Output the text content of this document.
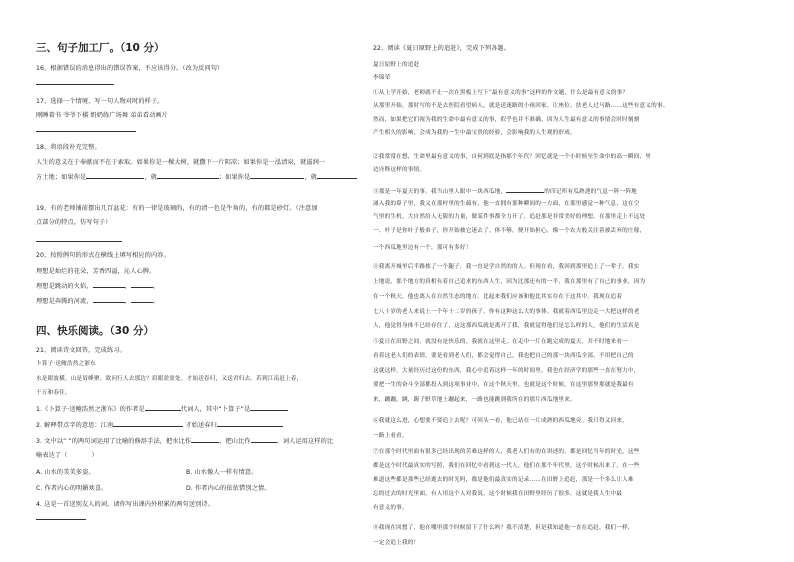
三、句子加工厂。（10 分）
16、根据错误的消息得出的错误答案，不应该得分。（改为反问句）
17、选择一个情境，写一句人物对时的样子。
刚睡着书 爷爷下棋 奶奶练广场舞 弟弟看动画片
18、将语段补充完整。
人生的意义在于奉献而不在于索取。如果你是一棵大树，就撒下一片阴凉；如果你是一泓清泉，就滋润一
方土地；如果你是	，就	；如果你是	，就
19、有的老师铺前摆出几百盆花：有的一律是玻璃的，有的清一色是牛角的，有的都是砂灯。（注意加
点部分的特点，仿写句子）
20、按照例句的形式在横线上填写相应的内容。
理想是灿烂的花朵，芳香四溢，沁人心脾。
理想是跳动的火焰，	，	。
理想是奔腾的河流，	，	。
四、快乐阅读。（30 分）
21、阅读诗文回答，完成练习。
卜算子·送鲍浩然之浙东
水是眼波横，山是眉峰聚。欲问行人去那边？眉眼盈盈处。才始送春归，又送君归去。若到江南赶上春，
千万和春住。
1.《卜算子·送鲍浩然之浙东》的作者是	代词人，其中“卜算子”是
2. 解释带点字的意思：江南	才始送春归
3. 文中以“ ”的两句词运用了比喻的修辞手法，把水比作	，把山比作	。词人运用这样的比
喻表达了（	）
A. 山水的美美多姿。	B. 山水像人一样有情意。
C. 作者内心的明媚欢喜。	D. 作者内心的依依惜别之情。
4. 这是一首送别友人的词，请你写出课内外积累的两句送别诗。
22、阅读《夏日原野上的追赶》，完成下列各题。
夏日原野上的追赶
李锦荣
①从上学开始，老师就不止一次在黑板上写下“最有意义的事”这样的作文题，什么是最有意义的事？
从那里开始，那时写的不是去医院看望病人，就是送迷路的小孩回家，让座位、扶老人过马路……这些有意义的事。
然而，如果把它们视为我的生命中最有意义的事，似乎也并不准确。因为人生最有意义的事情会时时刻刻
产生相久的影响，会成为我的一生中最宝贵的经验，会影响我的人生观的形成。
②我常常在想，生命里最有意义的事，自何到底是指那个年代？回忆就是一个小时候至生命中的高一瞬间，里
边诠释这样的事情。
③那是一年夏天的事。我当山里人眼中一块西瓜地，	的印记所有瓜熟透的气息一阵一阵地
涌入我的鼻子里，我又在那村里的生疏有，他一直拥有那种瞬间的一方面，在那里感觉一种气息，这在空
气里的生机。大自然给人无限的力量，做某件事都全力开了。追赶那是非常美好的理想，在那里走上不远处
一、叶子是你叶子般弟子，你开始被它迷去了。体不够，便开始担心，像一个农夫般关注着被丢弃的庄稼，
一个西瓜地里边有一个，那可有多好！
④我离开城里后半路挨了一个腿子，我一直是学自然的的人。但现在看，我回到那里追上了一辈子。我实
上地说，那个地方的真相有着自己追求的东西人生，因为比那还有的一半，我在那里有了自己的事业，因为
在一个秋天，他也离人在自然生态的地方。比起来我们应该和他比其实存在于这其中。我现在追着
七八十岁的老人来说上一个年十二岁的孩子，你有这种这么大的事体。我就着西瓜里边走一大把这样的老
人，他觉得身体不已经存住了，这这那西瓜就是离开了我，我就觉得他们是怎么样的人，他们的生活真是
⑤夏日在田野之间，就没有是快乐的。我就在这里走，在走中一片在跑完成的夏天，并不时地来看一
看着这老人们的表情。要是看到老人们，都会觉得自己，我也把自己的那一块西瓜全部，不用把自己的
这就这样，大量经历过这份的东西，我心中追着这样一年的时间里。我也在经济学的那些一直在努力中，
要把一生的奋斗全部都投入到这项事业中，在这个秋天里，也就是这个时候，在这里那里那就是我最有
来，蹦蹦，跳，踢子野草地上蹦起来，一路也能跳到我所在的那片西瓜地里来。
⑥我就这么进，心想要不要追上去呢？可回头一看，他已站在一片成熟的西瓜地旁。我只得又回来，
一路上看看。
⑦在那个时代里面有很多已经出现的苦难这样的人，我老人们有的在讲述的，都是回忆当年的时光，这些
都是这个时代最真实的写照，我们在回忆中看到这一代人，他们在那个年代里，这个时候出来了，在一些
难道这些都是那些已经逝去的时光吗，都是他们最真实的记录……在田野上追赶，那是一个多么让人难
忘的过去的时光里面，有人用这个人对我说，这个时候我在田野里经历了很多，这就是我人生中最
有意义的事。
⑧我现在回想了，他在哪里那个时候留下了什么吗？我不清楚，但是我知道他一直在追赶，我们一样，
一定会追上我的！
